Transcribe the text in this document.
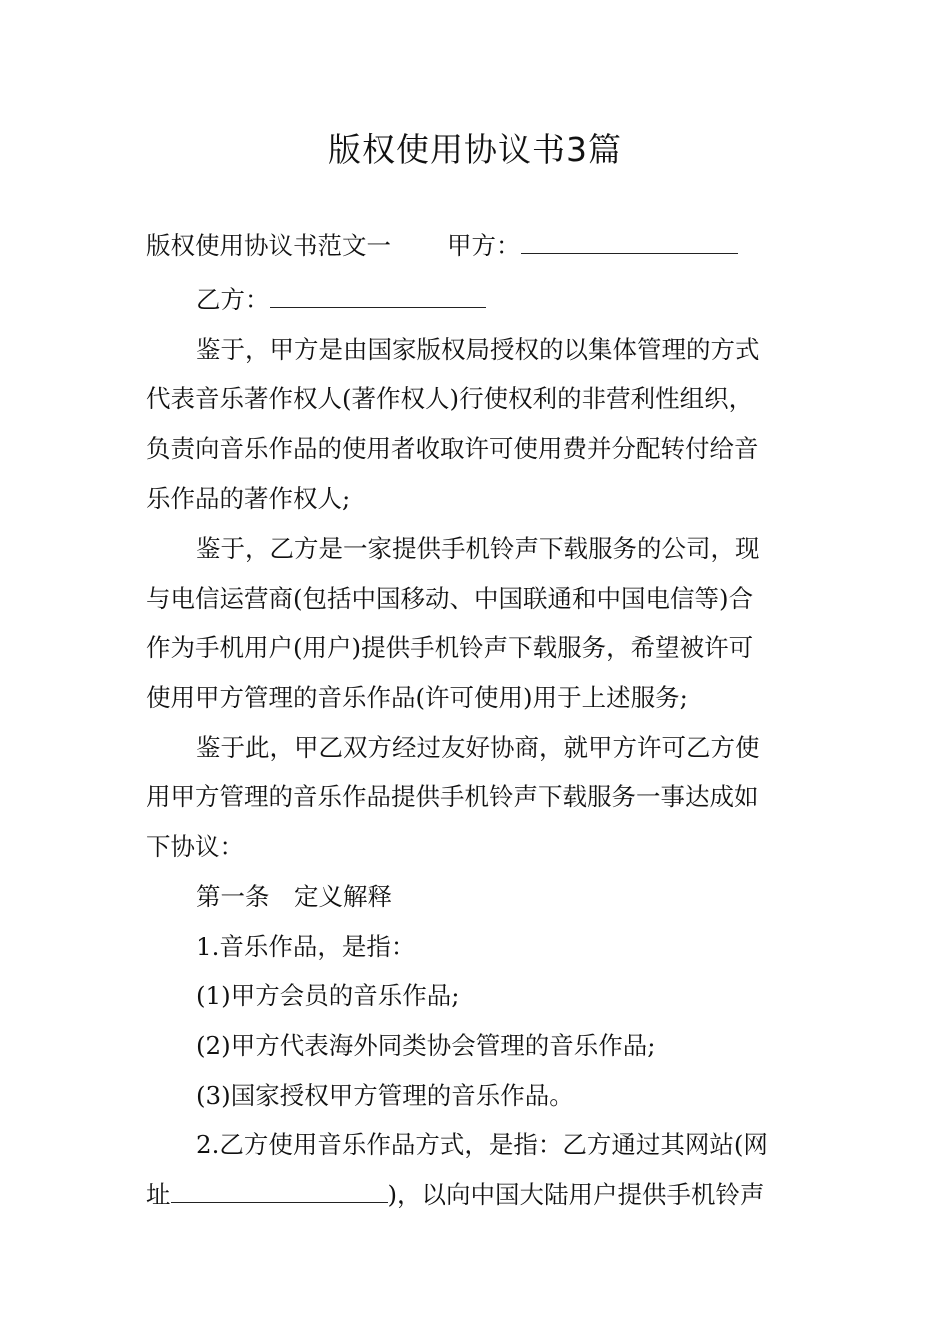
版权使用协议书3篇
版权使用协议书范文一 甲方：
乙方：
鉴于，甲方是由国家版权局授权的以集体管理的方式
代表音乐著作权人(著作权人)行使权利的非营利性组织，
负责向音乐作品的使用者收取许可使用费并分配转付给音
乐作品的著作权人;
鉴于，乙方是一家提供手机铃声下载服务的公司，现
与电信运营商(包括中国移动、中国联通和中国电信等)合
作为手机用户(用户)提供手机铃声下载服务，希望被许可
使用甲方管理的音乐作品(许可使用)用于上述服务;
鉴于此，甲乙双方经过友好协商，就甲方许可乙方使
用甲方管理的音乐作品提供手机铃声下载服务一事达成如
下协议：
第一条　定义解释
1.音乐作品，是指：
(1)甲方会员的音乐作品;
(2)甲方代表海外同类协会管理的音乐作品;
(3)国家授权甲方管理的音乐作品。
2.乙方使用音乐作品方式，是指：乙方通过其网站(网
址	)，以向中国大陆用户提供手机铃声
